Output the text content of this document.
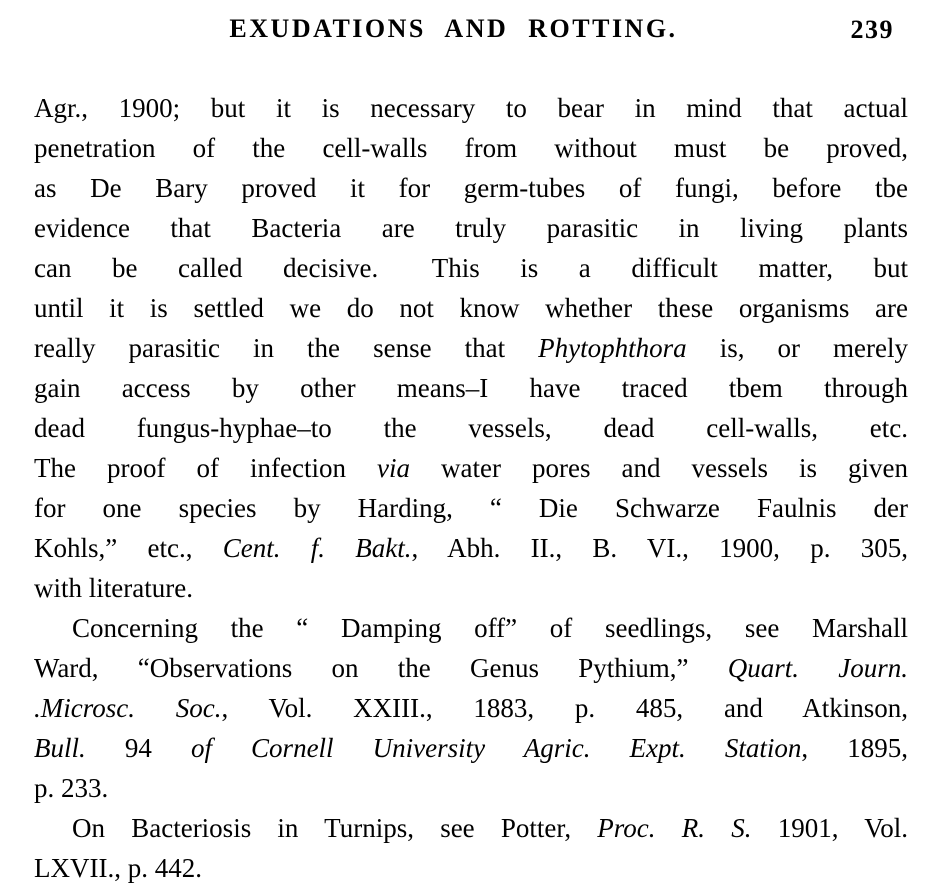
EXUDATIONS AND ROTTING.	239
Agr., 1900; but it is necessary to bear in mind that actual
penetration of the cell-walls from without must be proved,
as De Bary proved it for germ-tubes of fungi, before tbe
evidence that Bacteria are truly parasitic in living plants
can be called decisive.  This is a difficult matter, but
until it is settled we do not know whether these organisms are
really parasitic in the sense that Phytophthora is, or merely
gain access by other means–I have traced tbem through
dead fungus-hyphae–to the vessels, dead cell-walls, etc.
The proof of infection via water pores and vessels is given
for one species by Harding, “ Die Schwarze Faulnis der
Kohls,” etc., Cent. f. Bakt., Abh. II., B. VI., 1900, p. 305,
with literature.
Concerning the “ Damping off” of seedlings, see Marshall
Ward, “Observations on the Genus Pythium,” Quart. Journ.
.Microsc. Soc., Vol. XXIII., 1883, p. 485, and Atkinson,
Bull. 94 of Cornell University Agric. Expt. Station, 1895,
p. 233.
On Bacteriosis in Turnips, see Potter, Proc. R. S. 1901, Vol.
LXVII., p. 442.
